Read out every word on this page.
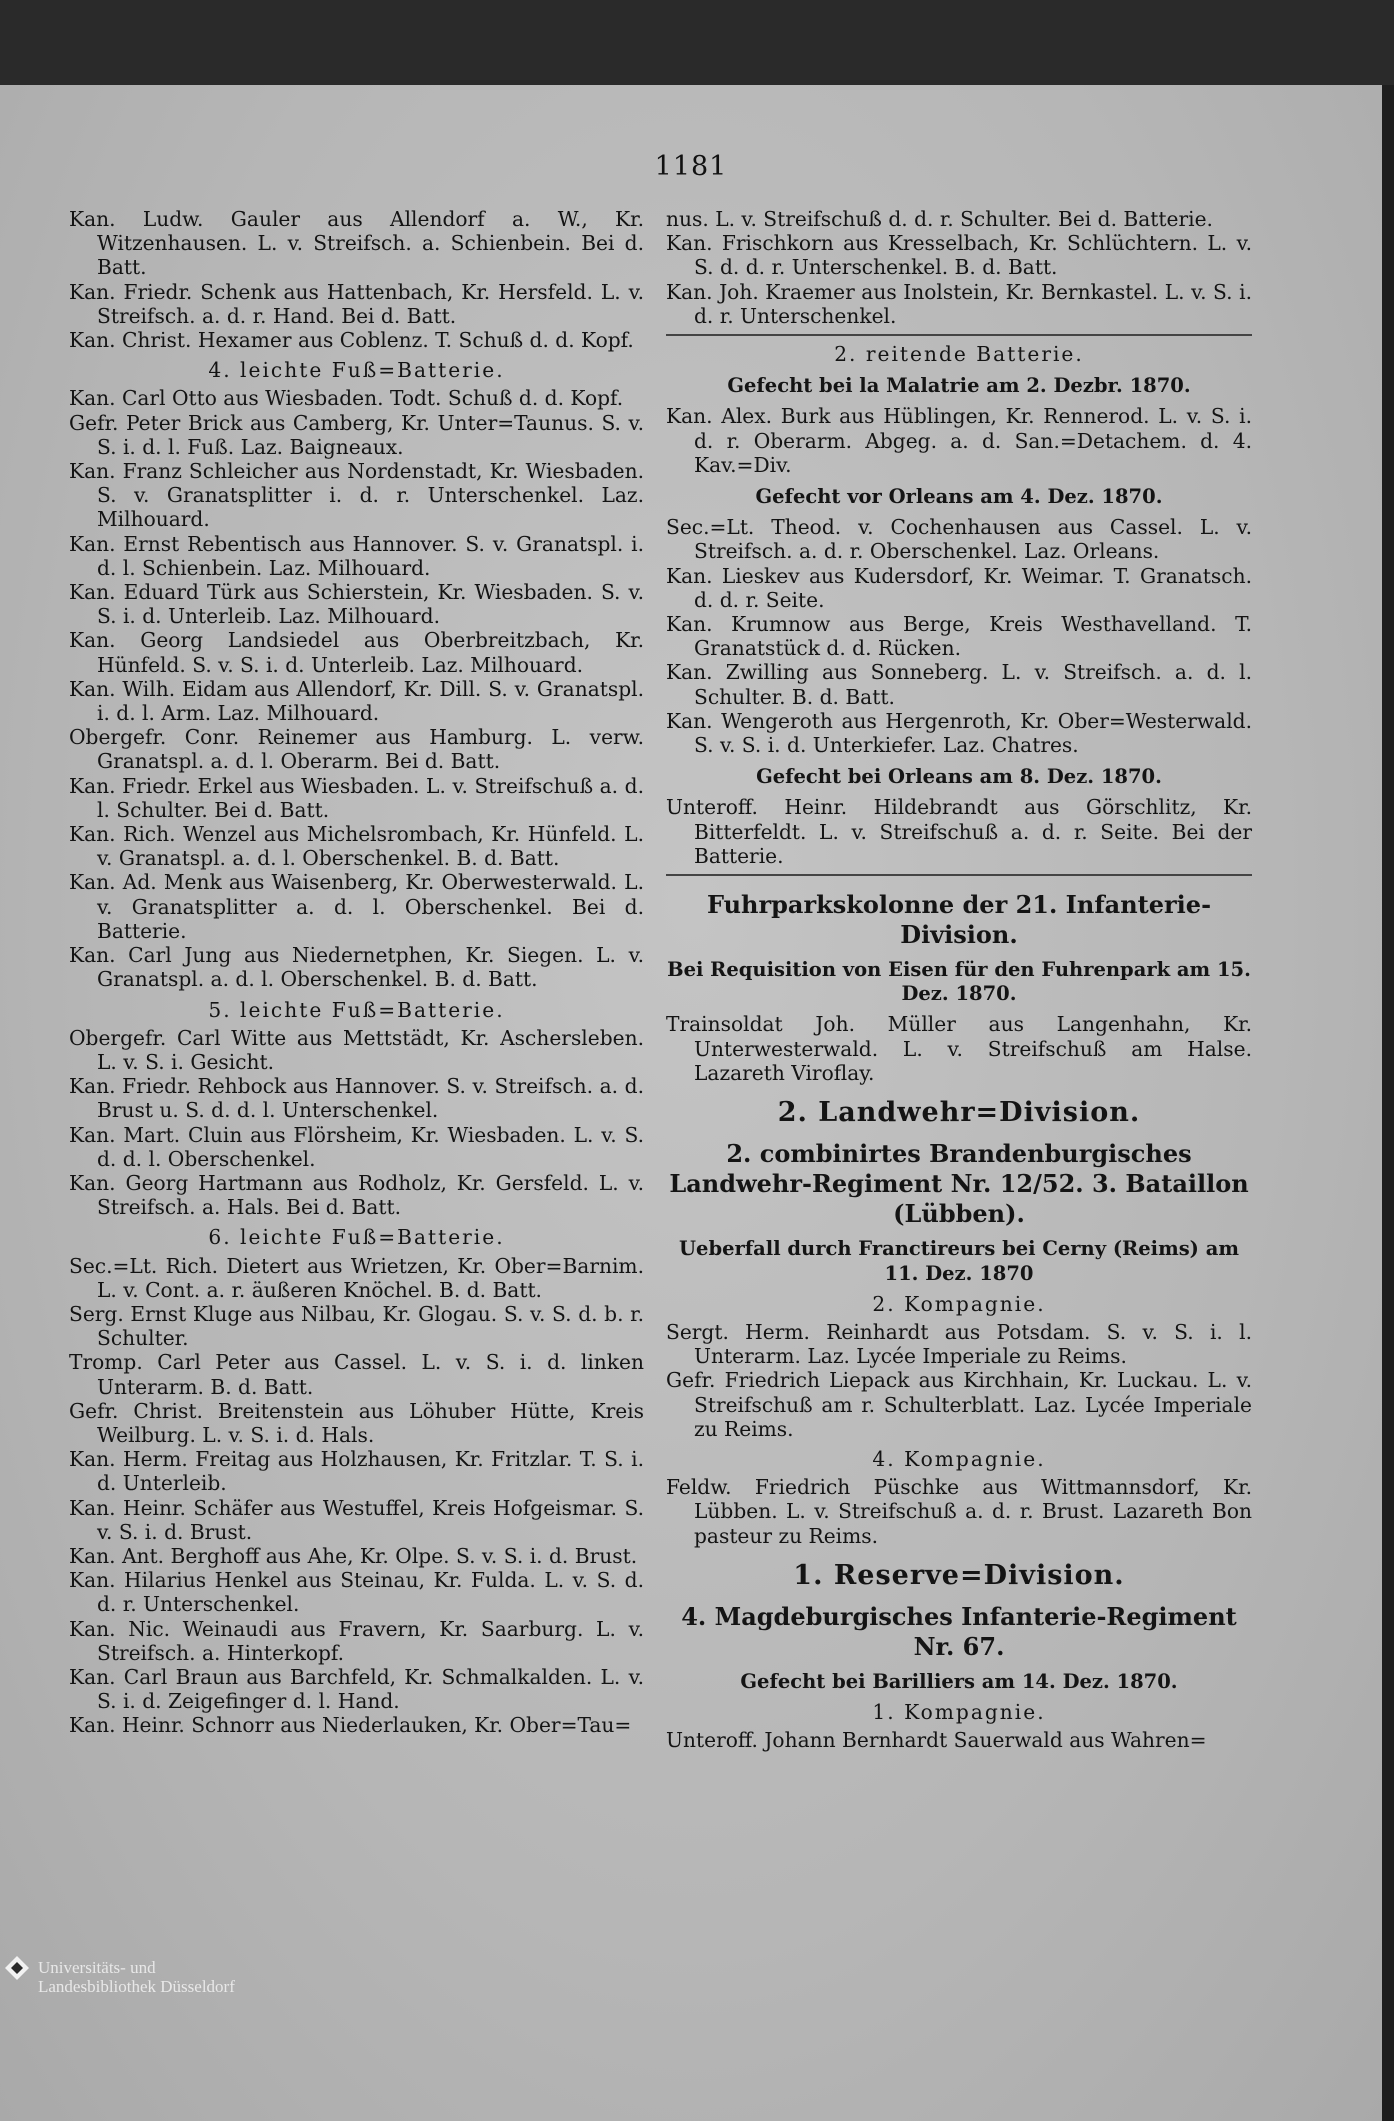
1181

Kan. Ludw. Gauler aus Allendorf a. W., Kr. Witzenhausen. L. v. Streifsch. a. Schienbein. Bei d. Batt.

Kan. Friedr. Schenk aus Hattenbach, Kr. Hersfeld. L. v. Streifsch. a. d. r. Hand. Bei d. Batt.

Kan. Christ. Hexamer aus Coblenz. T. Schuß d. d. Kopf.

4. leichte Fuß=Batterie.

Kan. Carl Otto aus Wiesbaden. Todt. Schuß d. d. Kopf.

Gefr. Peter Brick aus Camberg, Kr. Unter=Taunus. S. v. S. i. d. l. Fuß. Laz. Baigneaux.

Kan. Franz Schleicher aus Nordenstadt, Kr. Wiesbaden. S. v. Granatsplitter i. d. r. Unterschenkel. Laz. Milhouard.

Kan. Ernst Rebentisch aus Hannover. S. v. Granatspl. i. d. l. Schienbein. Laz. Milhouard.

Kan. Eduard Türk aus Schierstein, Kr. Wiesbaden. S. v. S. i. d. Unterleib. Laz. Milhouard.

Kan. Georg Landsiedel aus Oberbreitzbach, Kr. Hünfeld. S. v. S. i. d. Unterleib. Laz. Milhouard.

Kan. Wilh. Eidam aus Allendorf, Kr. Dill. S. v. Granatspl. i. d. l. Arm. Laz. Milhouard.

Obergefr. Conr. Reinemer aus Hamburg. L. verw. Granatspl. a. d. l. Oberarm. Bei d. Batt.

Kan. Friedr. Erkel aus Wiesbaden. L. v. Streifschuß a. d. l. Schulter. Bei d. Batt.

Kan. Rich. Wenzel aus Michelsrombach, Kr. Hünfeld. L. v. Granatspl. a. d. l. Oberschenkel. B. d. Batt.

Kan. Ad. Menk aus Waisenberg, Kr. Oberwesterwald. L. v. Granatsplitter a. d. l. Oberschenkel. Bei d. Batterie.

Kan. Carl Jung aus Niedernetphen, Kr. Siegen. L. v. Granatspl. a. d. l. Oberschenkel. B. d. Batt.

5. leichte Fuß=Batterie.

Obergefr. Carl Witte aus Mettstädt, Kr. Aschersleben. L. v. S. i. Gesicht.

Kan. Friedr. Rehbock aus Hannover. S. v. Streifsch. a. d. Brust u. S. d. d. l. Unterschenkel.

Kan. Mart. Cluin aus Flörsheim, Kr. Wiesbaden. L. v. S. d. d. l. Oberschenkel.

Kan. Georg Hartmann aus Rodholz, Kr. Gersfeld. L. v. Streifsch. a. Hals. Bei d. Batt.

6. leichte Fuß=Batterie.

Sec.=Lt. Rich. Dietert aus Wrietzen, Kr. Ober=Barnim. L. v. Cont. a. r. äußeren Knöchel. B. d. Batt.

Serg. Ernst Kluge aus Nilbau, Kr. Glogau. S. v. S. d. b. r. Schulter.

Tromp. Carl Peter aus Cassel. L. v. S. i. d. linken Unterarm. B. d. Batt.

Gefr. Christ. Breitenstein aus Löhuber Hütte, Kreis Weilburg. L. v. S. i. d. Hals.

Kan. Herm. Freitag aus Holzhausen, Kr. Fritzlar. T. S. i. d. Unterleib.

Kan. Heinr. Schäfer aus Westuffel, Kreis Hofgeismar. S. v. S. i. d. Brust.

Kan. Ant. Berghoff aus Ahe, Kr. Olpe. S. v. S. i. d. Brust.

Kan. Hilarius Henkel aus Steinau, Kr. Fulda. L. v. S. d. d. r. Unterschenkel.

Kan. Nic. Weinaudi aus Fravern, Kr. Saarburg. L. v. Streifsch. a. Hinterkopf.

Kan. Carl Braun aus Barchfeld, Kr. Schmalkalden. L. v. S. i. d. Zeigefinger d. l. Hand.

Kan. Heinr. Schnorr aus Niederlauken, Kr. Ober=Tau=

nus. L. v. Streifschuß d. d. r. Schulter. Bei d. Batterie.

Kan. Frischkorn aus Kresselbach, Kr. Schlüchtern. L. v. S. d. d. r. Unterschenkel. B. d. Batt.

Kan. Joh. Kraemer aus Inolstein, Kr. Bernkastel. L. v. S. i. d. r. Unterschenkel.

2. reitende Batterie.

Gefecht bei la Malatrie am 2. Dezbr. 1870.

Kan. Alex. Burk aus Hüblingen, Kr. Rennerod. L. v. S. i. d. r. Oberarm. Abgeg. a. d. San.=Detachem. d. 4. Kav.=Div.

Gefecht vor Orleans am 4. Dez. 1870.

Sec.=Lt. Theod. v. Cochenhausen aus Cassel. L. v. Streifsch. a. d. r. Oberschenkel. Laz. Orleans.

Kan. Lieskev aus Kudersdorf, Kr. Weimar. T. Granatsch. d. d. r. Seite.

Kan. Krumnow aus Berge, Kreis Westhavelland. T. Granatstück d. d. Rücken.

Kan. Zwilling aus Sonneberg. L. v. Streifsch. a. d. l. Schulter. B. d. Batt.

Kan. Wengeroth aus Hergenroth, Kr. Ober=Westerwald. S. v. S. i. d. Unterkiefer. Laz. Chatres.

Gefecht bei Orleans am 8. Dez. 1870.

Unteroff. Heinr. Hildebrandt aus Görschlitz, Kr. Bitterfeldt. L. v. Streifschuß a. d. r. Seite. Bei der Batterie.

Fuhrparkskolonne der 21. Infanterie-Division.

Bei Requisition von Eisen für den Fuhrenpark am 15. Dez. 1870.

Trainsoldat Joh. Müller aus Langenhahn, Kr. Unterwesterwald. L. v. Streifschuß am Halse. Lazareth Viroflay.

2. Landwehr=Division.

2. combinirtes Brandenburgisches Landwehr-Regiment Nr. 12/52. 3. Bataillon (Lübben).

Ueberfall durch Franctireurs bei Cerny (Reims) am 11. Dez. 1870

2. Kompagnie.

Sergt. Herm. Reinhardt aus Potsdam. S. v. S. i. l. Unterarm. Laz. Lycée Imperiale zu Reims.

Gefr. Friedrich Liepack aus Kirchhain, Kr. Luckau. L. v. Streifschuß am r. Schulterblatt. Laz. Lycée Imperiale zu Reims.

4. Kompagnie.

Feldw. Friedrich Püschke aus Wittmannsdorf, Kr. Lübben. L. v. Streifschuß a. d. r. Brust. Lazareth Bon pasteur zu Reims.

1. Reserve=Division.

4. Magdeburgisches Infanterie-Regiment Nr. 67.

Gefecht bei Barilliers am 14. Dez. 1870.

1. Kompagnie.

Unteroff. Johann Bernhardt Sauerwald aus Wahren=

Universitäts- und
Landesbibliothek Düsseldorf
